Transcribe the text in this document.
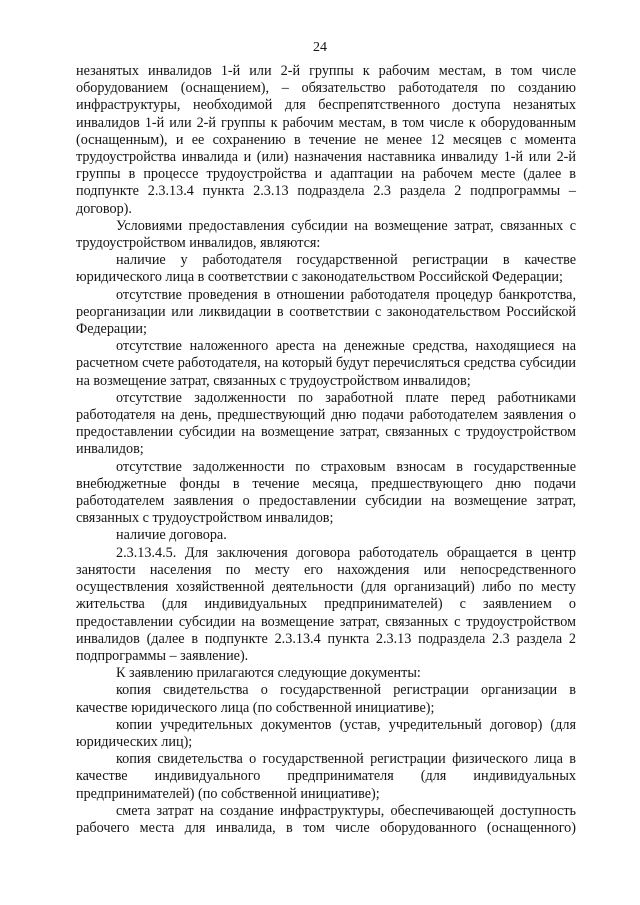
24

незанятых инвалидов 1-й или 2-й группы к рабочим местам, в том числе оборудованием (оснащением), – обязательство работодателя по созданию инфраструктуры, необходимой для беспрепятственного доступа незанятых инвалидов 1-й или 2-й группы к рабочим местам, в том числе к оборудованным (оснащенным), и ее сохранению в течение не менее 12 месяцев с момента трудоустройства инвалида и (или) назначения наставника инвалиду 1-й или 2-й группы в процессе трудоустройства и адаптации на рабочем месте (далее в подпункте 2.3.13.4 пункта 2.3.13 подраздела 2.3 раздела 2 подпрограммы – договор).

Условиями предоставления субсидии на возмещение затрат, связанных с трудоустройством инвалидов, являются:

наличие у работодателя государственной регистрации в качестве юридического лица в соответствии с законодательством Российской Федерации;

отсутствие проведения в отношении работодателя процедур банкротства, реорганизации или ликвидации в соответствии с законодательством Российской Федерации;

отсутствие наложенного ареста на денежные средства, находящиеся на расчетном счете работодателя, на который будут перечисляться средства субсидии на возмещение затрат, связанных с трудоустройством инвалидов;

отсутствие задолженности по заработной плате перед работниками работодателя на день, предшествующий дню подачи работодателем заявления о предоставлении субсидии на возмещение затрат, связанных с трудоустройством инвалидов;

отсутствие задолженности по страховым взносам в государственные внебюджетные фонды в течение месяца, предшествующего дню подачи работодателем заявления о предоставлении субсидии на возмещение затрат, связанных с трудоустройством инвалидов;

наличие договора.

2.3.13.4.5. Для заключения договора работодатель обращается в центр занятости населения по месту его нахождения или непосредственного осуществления хозяйственной деятельности (для организаций) либо по месту жительства (для индивидуальных предпринимателей) с заявлением о предоставлении субсидии на возмещение затрат, связанных с трудоустройством инвалидов (далее в подпункте 2.3.13.4 пункта 2.3.13 подраздела 2.3 раздела 2 подпрограммы – заявление).

К заявлению прилагаются следующие документы:

копия свидетельства о государственной регистрации организации в качестве юридического лица (по собственной инициативе);

копии учредительных документов (устав, учредительный договор) (для юридических лиц);

копия свидетельства о государственной регистрации физического лица в качестве индивидуального предпринимателя (для индивидуальных предпринимателей) (по собственной инициативе);

смета затрат на создание инфраструктуры, обеспечивающей доступность рабочего места для инвалида, в том числе оборудованного (оснащенного)
